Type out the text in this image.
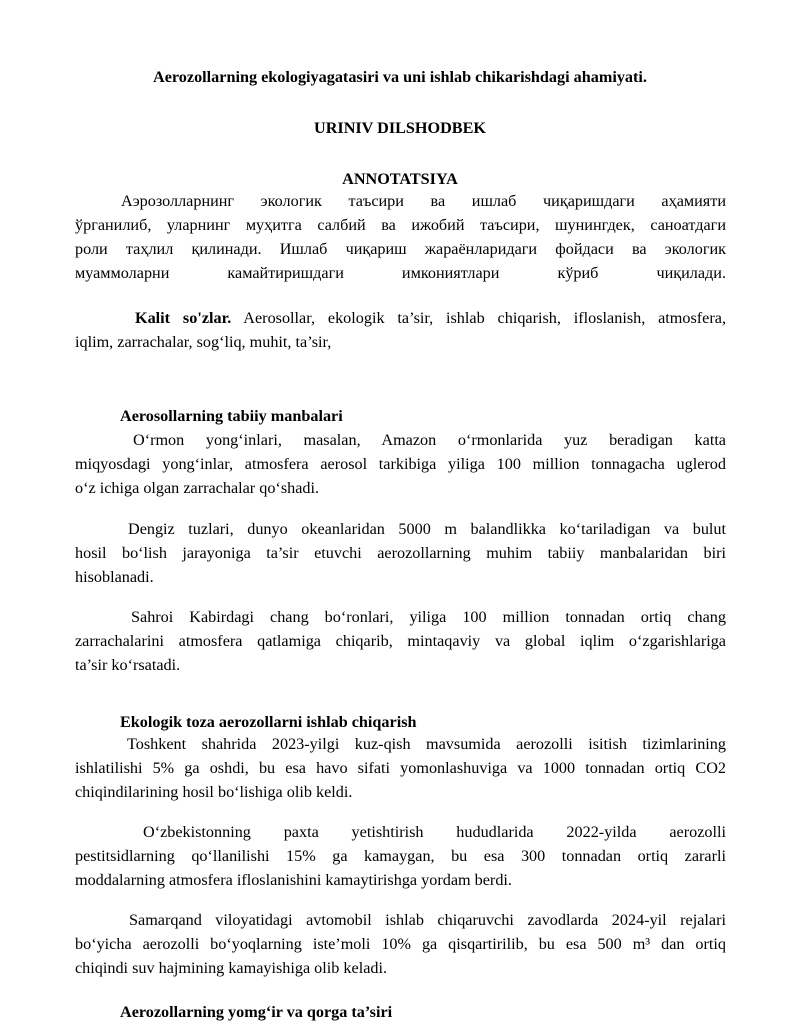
Aerozollarning ekologiyagatasiri va uni ishlab chikarishdagi ahamiyati.

URINIV DILSHODBEK

ANNOTATSIYA

Аэрозолларнинг экологик таъсири ва ишлаб чиқаришдаги аҳамияти
ўрганилиб, уларнинг муҳитга салбий ва ижобий таъсири, шунингдек, саноатдаги
роли таҳлил қилинади. Ишлаб чиқариш жараёнларидаги фойдаси ва экологик
муаммоларни камайтиришдаги имкониятлари кўриб чиқилади.
Kalit so'zlar. Aerosollar, ekologik ta’sir, ishlab chiqarish, ifloslanish, atmosfera,
iqlim, zarrachalar, sogʻliq, muhit, ta’sir,

Aerosollarning tabiiy manbalari

Oʻrmon yongʻinlari, masalan, Amazon oʻrmonlarida yuz beradigan katta
miqyosdagi yongʻinlar, atmosfera aerosol tarkibiga yiliga 100 million tonnagacha uglerod
oʻz ichiga olgan zarrachalar qoʻshadi.
Dengiz tuzlari, dunyo okeanlaridan 5000 m balandlikka koʻtariladigan va bulut
hosil boʻlish jarayoniga ta’sir etuvchi aerozollarning muhim tabiiy manbalaridan biri
hisoblanadi.
Sahroi Kabirdagi chang boʻronlari, yiliga 100 million tonnadan ortiq chang
zarrachalarini atmosfera qatlamiga chiqarib, mintaqaviy va global iqlim oʻzgarishlariga
ta’sir koʻrsatadi.

Ekologik toza aerozollarni ishlab chiqarish

Toshkent shahrida 2023-yilgi kuz-qish mavsumida aerozolli isitish tizimlarining
ishlatilishi 5% ga oshdi, bu esa havo sifati yomonlashuviga va 1000 tonnadan ortiq CO2
chiqindilarining hosil boʻlishiga olib keldi.
Oʻzbekistonning paxta yetishtirish hududlarida 2022-yilda aerozolli
pestitsidlarning qoʻllanilishi 15% ga kamaygan, bu esa 300 tonnadan ortiq zararli
moddalarning atmosfera ifloslanishini kamaytirishga yordam berdi.
Samarqand viloyatidagi avtomobil ishlab chiqaruvchi zavodlarda 2024-yil rejalari
boʻyicha aerozolli boʻyoqlarning iste’moli 10% ga qisqartirilib, bu esa 500 m³ dan ortiq
chiqindi suv hajmining kamayishiga olib keladi.

Aerozollarning yomgʻir va qorga ta’siri
